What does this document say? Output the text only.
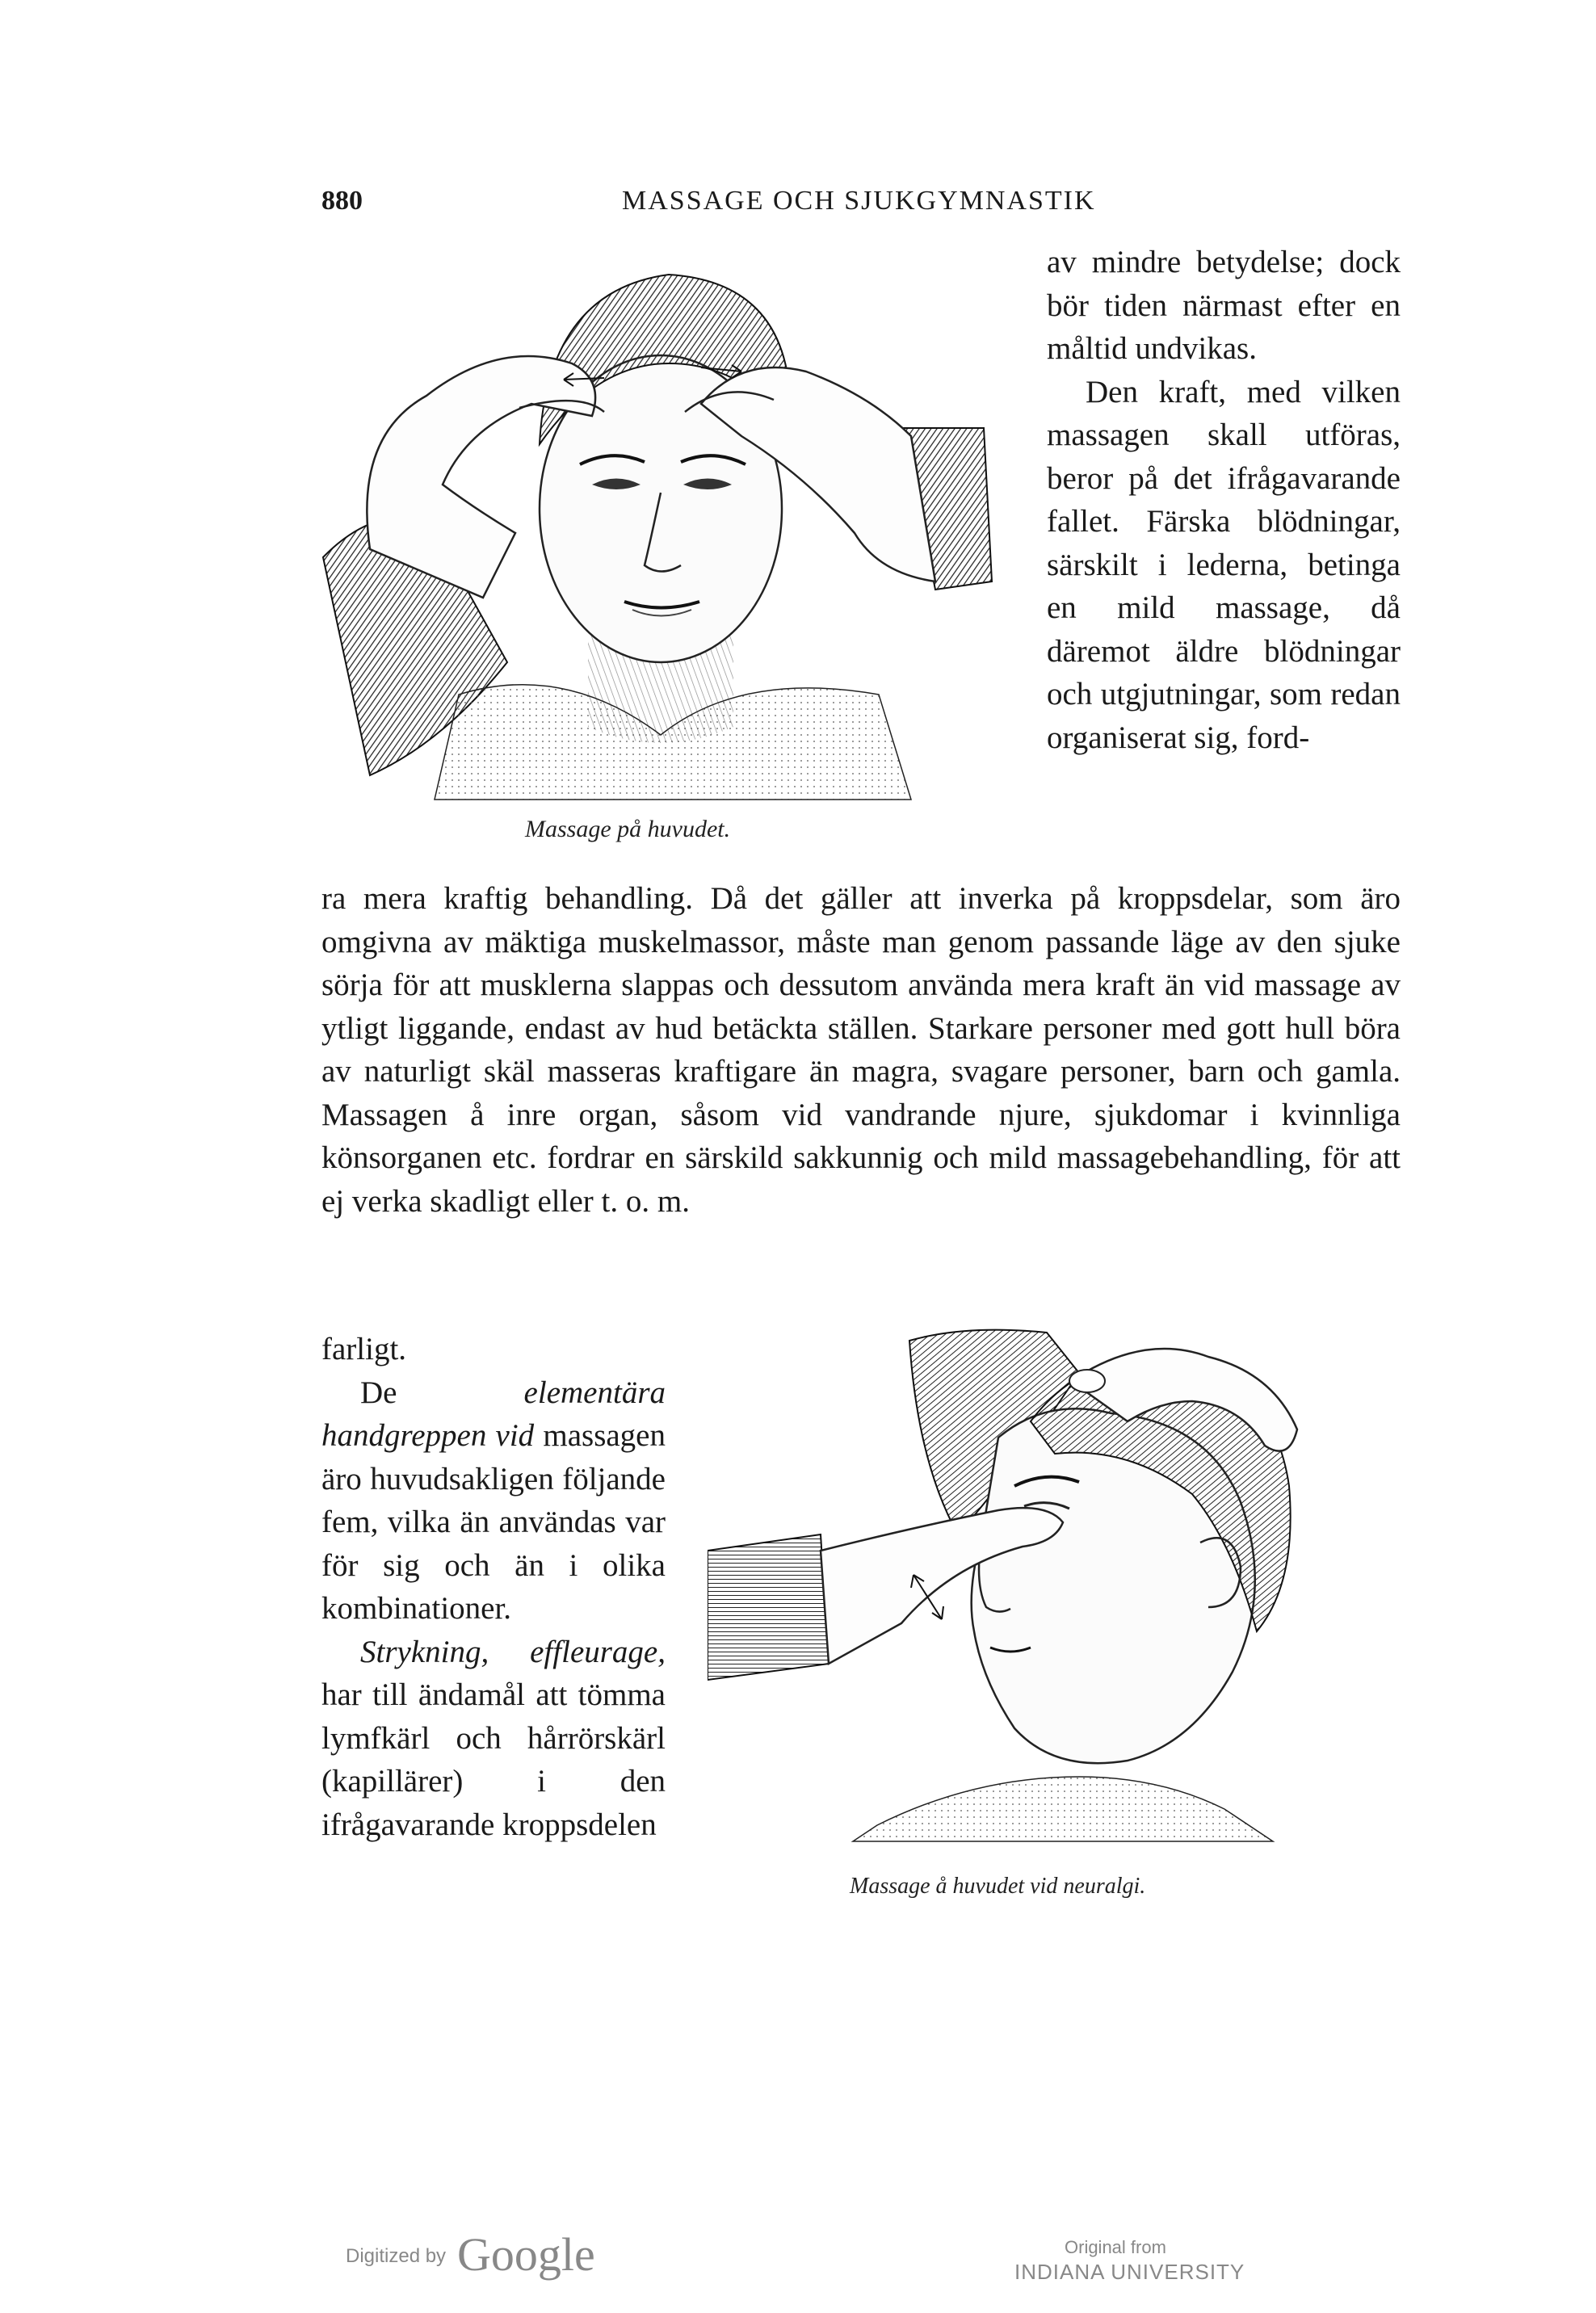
880	MASSAGE OCH SJUKGYMNASTIK
Massage på huvudet.

av mindre betydelse; dock bör tiden närmast efter en måltid undvikas.

Den kraft, med vilken massagen skall utföras, beror på det ifrågavarande fallet. Färska blödningar, särskilt i lederna, betinga en mild massage, då däremot äldre blödningar och utgjutningar, som redan organiserat sig, ford-

ra mera kraftig behandling. Då det gäller att inverka på kroppsdelar, som äro omgivna av mäktiga muskelmassor, måste man genom passande läge av den sjuke sörja för att musklerna slappas och dessutom använda mera kraft än vid massage av ytligt liggande, endast av hud betäckta ställen. Starkare personer med gott hull böra av naturligt skäl masseras kraftigare än magra, svagare personer, barn och gamla. Massagen å inre organ, såsom vid vandrande njure, sjukdomar i kvinnliga könsorganen etc. fordrar en särskild sakkunnig och mild massagebehandling, för att ej verka skadligt eller t. o. m.

farligt.

De elementära handgreppen vid massagen äro huvudsakligen följande fem, vilka än användas var för sig och än i olika kombinationer.

Strykning, effleurage, har till ändamål att tömma lymfkärl och hårrörskärl (kapillärer) i den ifrågavarande kroppsdelen

Massage å huvudet vid neuralgi.
Digitized by Google	Original from
INDIANA UNIVERSITY
